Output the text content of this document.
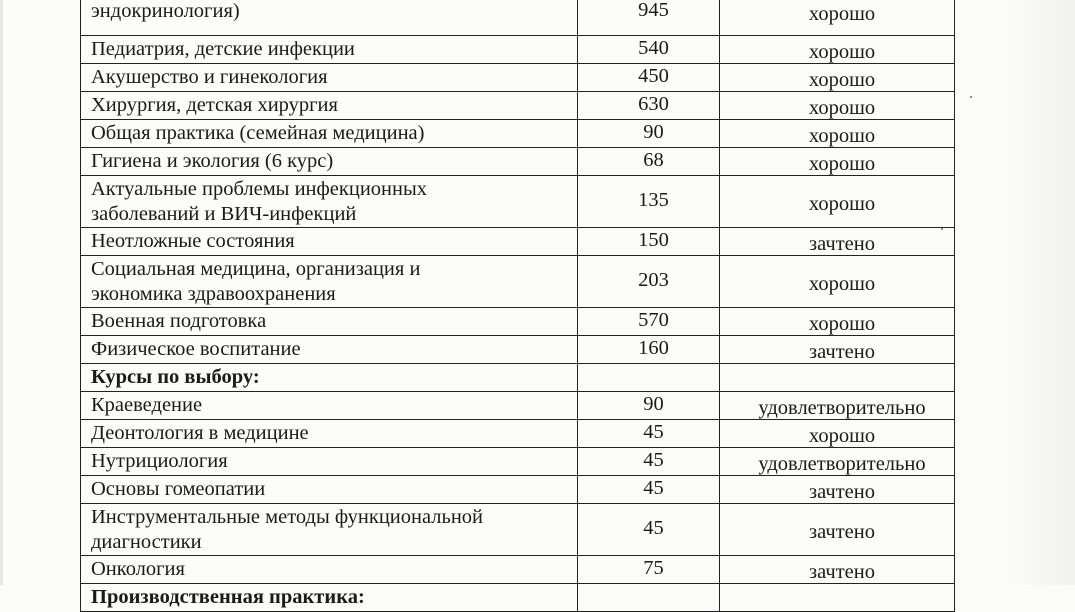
эндокринология)	945	хорошо
Педиатрия, детские инфекции	540	хорошо
Акушерство и гинекология	450	хорошо
Хирургия, детская хирургия	630	хорошо
Общая практика (семейная медицина)	90	хорошо
Гигиена и экология (6 курс)	68	хорошо

Актуальные проблемы инфекционных
заболеваний и ВИЧ-инфекций	135	хорошо
Неотложные состояния	150	зачтено

Социальная медицина, организация и
экономика здравоохранения	203	хорошо
Военная подготовка	570	хорошо
Физическое воспитание	160	зачтено
Курсы по выбору:		
Краеведение	90	удовлетворительно
Деонтология в медицине	45	хорошо
Нутрициология	45	удовлетворительно
Основы гомеопатии	45	зачтено

Инструментальные методы функциональной
диагностики	45	зачтено
Онкология	75	зачтено
Производственная практика:		
